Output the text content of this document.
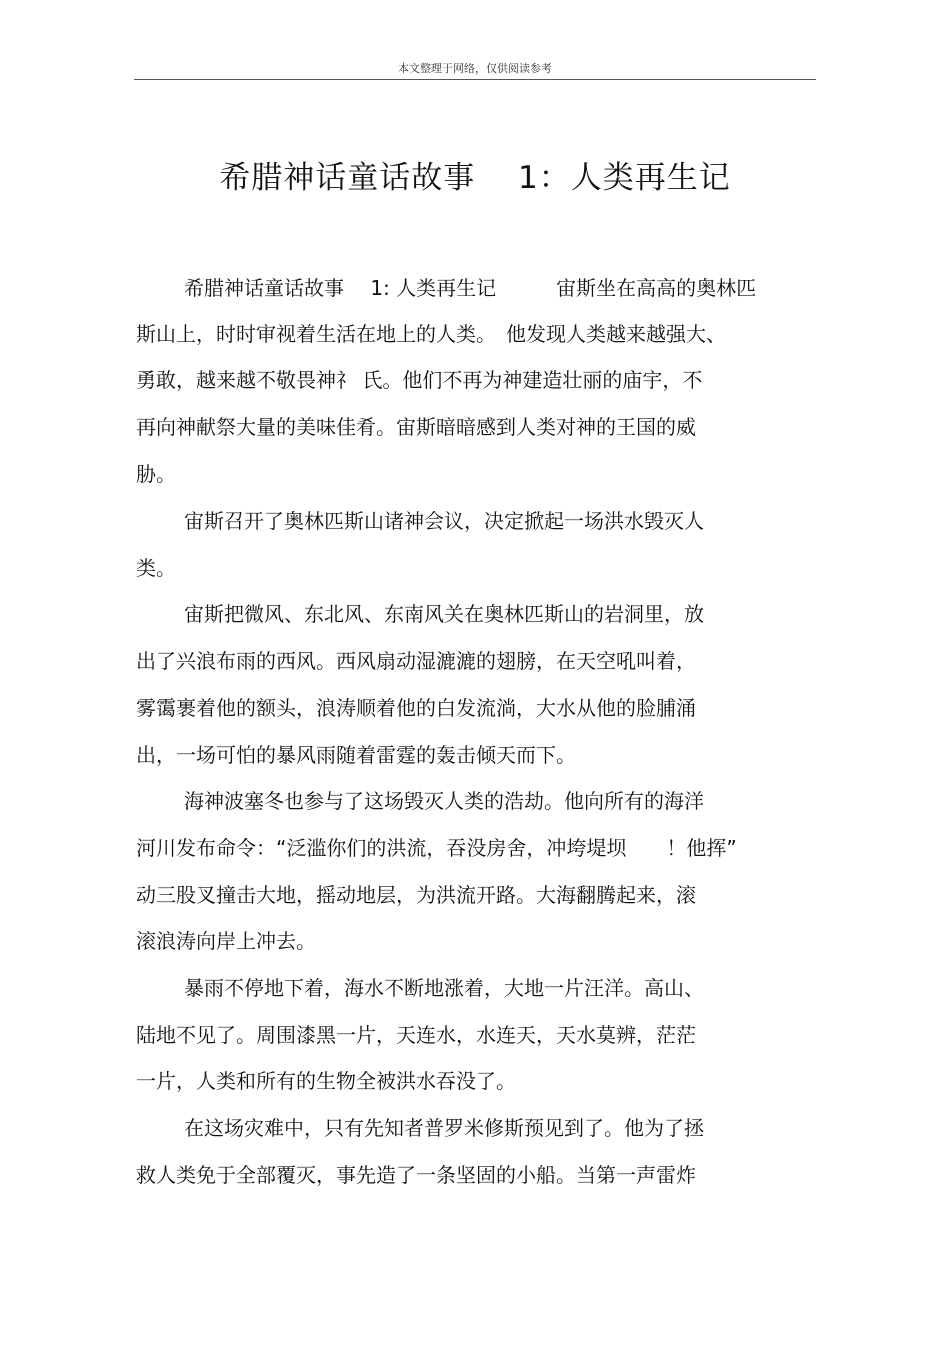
本文整理于网络，仅供阅读参考
希腊神话童话故事　 1：人类再生记
希腊神话童话故事　 1: 人类再生记　　　宙斯坐在高高的奥林匹
斯山上，时时审视着生活在地上的人类。　他发现人类越来越强大、
勇敢，越来越不敬畏神礻 氏。他们不再为神建造壮丽的庙宇，不
再向神献祭大量的美味佳肴。宙斯暗暗感到人类对神的王国的威
胁。
宙斯召开了奥林匹斯山诸神会议，决定掀起一场洪水毁灭人
类。
宙斯把微风、东北风、东南风关在奥林匹斯山的岩洞里，放
出了兴浪布雨的西风。西风扇动湿漉漉的翅膀，在天空吼叫着，
雾霭裹着他的额头，浪涛顺着他的白发流淌，大水从他的脸脯涌
出，一场可怕的暴风雨随着雷霆的轰击倾天而下。
海神波塞冬也参与了这场毁灭人类的浩劫。他向所有的海洋
河川发布命令：“泛滥你们的洪流，吞没房舍，冲垮堤坝　　！他挥”
动三股叉撞击大地，摇动地层，为洪流开路。大海翻腾起来，滚
滚浪涛向岸上冲去。
暴雨不停地下着，海水不断地涨着，大地一片汪洋。高山、
陆地不见了。周围漆黑一片，天连水，水连天，天水莫辨，茫茫
一片，人类和所有的生物全被洪水吞没了。
在这场灾难中，只有先知者普罗米修斯预见到了。他为了拯
救人类免于全部覆灭，事先造了一条坚固的小船。当第一声雷炸
